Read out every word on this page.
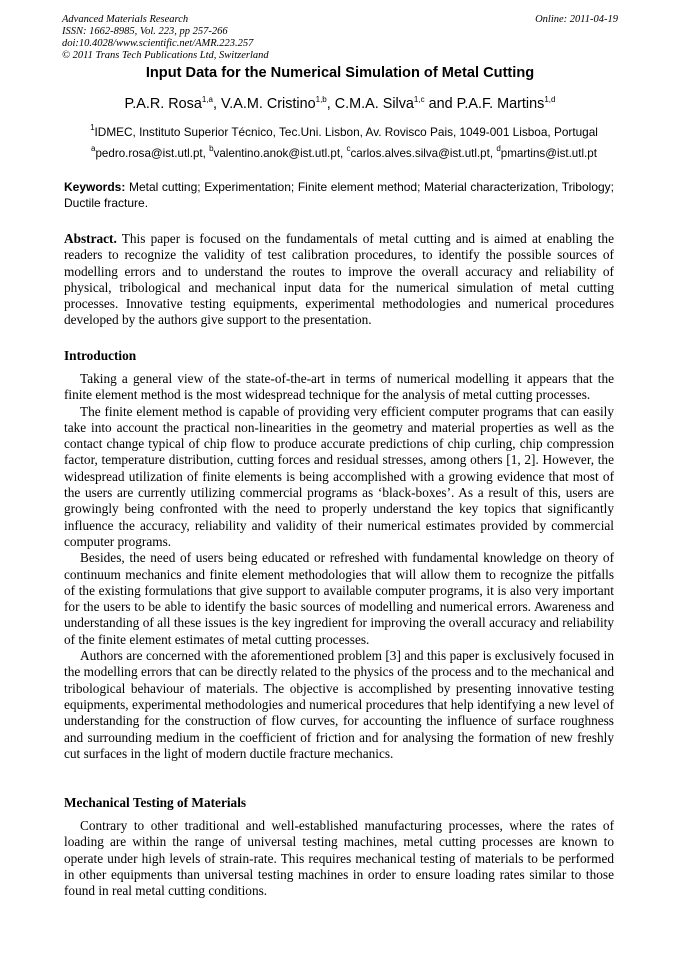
Advanced Materials Research
ISSN: 1662-8985, Vol. 223, pp 257-266
doi:10.4028/www.scientific.net/AMR.223.257
© 2011 Trans Tech Publications Ltd, Switzerland
Online: 2011-04-19
Input Data for the Numerical Simulation of Metal Cutting
P.A.R. Rosa$^{1,a}$, V.A.M. Cristino$^{1,b}$, C.M.A. Silva$^{1,c}$ and P.A.F. Martins$^{1,d}$
$^1$IDMEC, Instituto Superior Técnico, Tec.Uni. Lisbon, Av. Rovisco Pais, 1049-001 Lisboa, Portugal
$^a$pedro.rosa@ist.utl.pt, $^b$valentino.anok@ist.utl.pt, $^c$carlos.alves.silva@ist.utl.pt, $^d$pmartins@ist.utl.pt
Keywords: Metal cutting; Experimentation; Finite element method; Material characterization, Tribology; Ductile fracture.

Abstract. This paper is focused on the fundamentals of metal cutting and is aimed at enabling the readers to recognize the validity of test calibration procedures, to identify the possible sources of modelling errors and to understand the routes to improve the overall accuracy and reliability of physical, tribological and mechanical input data for the numerical simulation of metal cutting processes. Innovative testing equipments, experimental methodologies and numerical procedures developed by the authors give support to the presentation.

Introduction

Taking a general view of the state-of-the-art in terms of numerical modelling it appears that the finite element method is the most widespread technique for the analysis of metal cutting processes.

The finite element method is capable of providing very efficient computer programs that can easily take into account the practical non-linearities in the geometry and material properties as well as the contact change typical of chip flow to produce accurate predictions of chip curling, chip compression factor, temperature distribution, cutting forces and residual stresses, among others [1, 2]. However, the widespread utilization of finite elements is being accomplished with a growing evidence that most of the users are currently utilizing commercial programs as ‘black-boxes’. As a result of this, users are growingly being confronted with the need to properly understand the key topics that significantly influence the accuracy, reliability and validity of their numerical estimates provided by commercial computer programs.

Besides, the need of users being educated or refreshed with fundamental knowledge on theory of continuum mechanics and finite element methodologies that will allow them to recognize the pitfalls of the existing formulations that give support to available computer programs, it is also very important for the users to be able to identify the basic sources of modelling and numerical errors. Awareness and understanding of all these issues is the key ingredient for improving the overall accuracy and reliability of the finite element estimates of metal cutting processes.

Authors are concerned with the aforementioned problem [3] and this paper is exclusively focused in the modelling errors that can be directly related to the physics of the process and to the mechanical and tribological behaviour of materials. The objective is accomplished by presenting innovative testing equipments, experimental methodologies and numerical procedures that help identifying a new level of understanding for the construction of flow curves, for accounting the influence of surface roughness and surrounding medium in the coefficient of friction and for analysing the formation of new freshly cut surfaces in the light of modern ductile fracture mechanics.

Mechanical Testing of Materials

Contrary to other traditional and well-established manufacturing processes, where the rates of loading are within the range of universal testing machines, metal cutting processes are known to operate under high levels of strain-rate. This requires mechanical testing of materials to be performed in other equipments than universal testing machines in order to ensure loading rates similar to those found in real metal cutting conditions.
